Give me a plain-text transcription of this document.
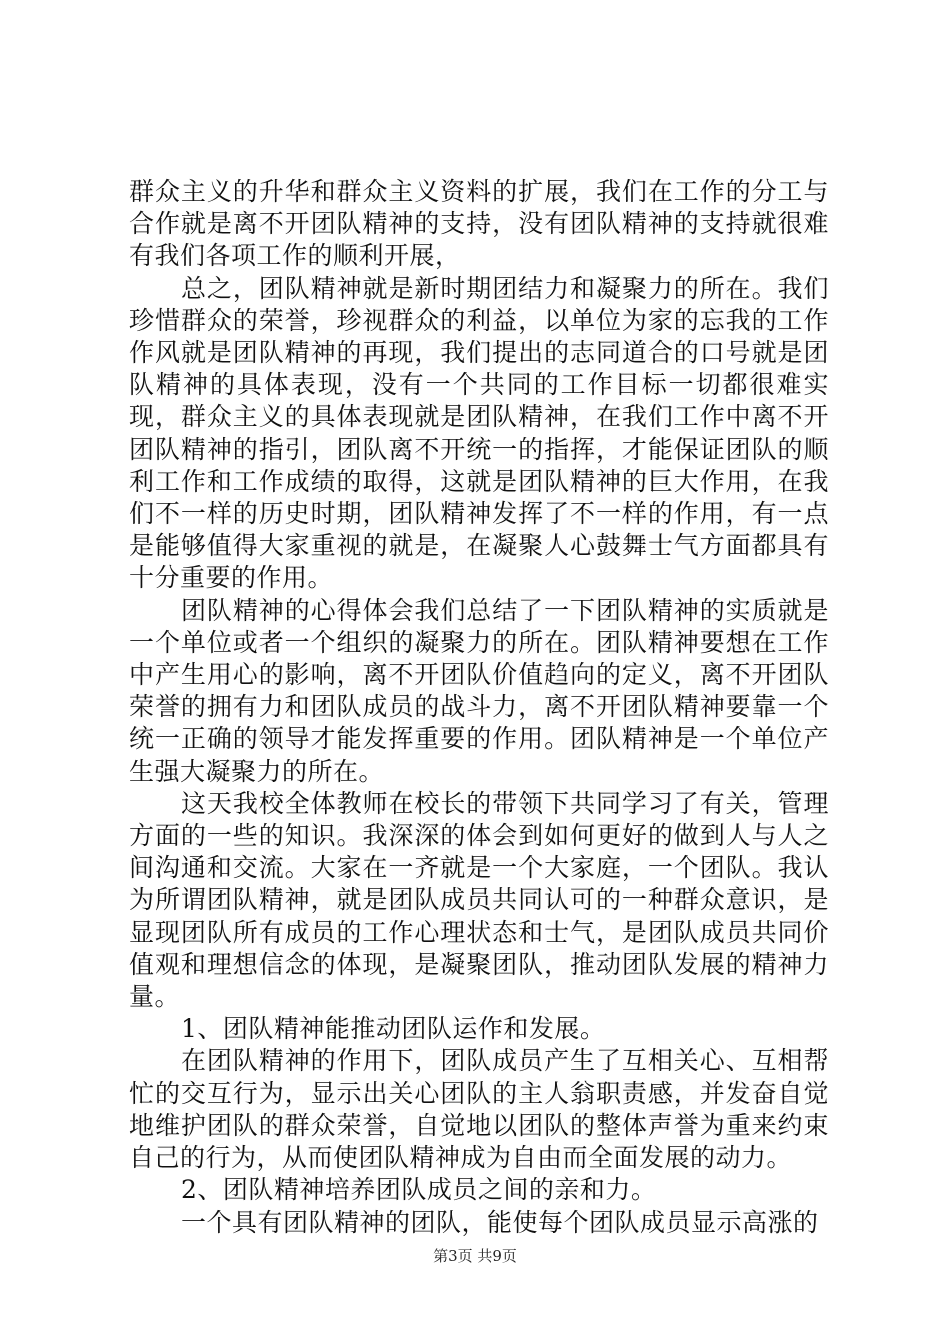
群众主义的升华和群众主义资料的扩展，我们在工作的分工与合作就是离不开团队精神的支持，没有团队精神的支持就很难有我们各项工作的顺利开展，

总之，团队精神就是新时期团结力和凝聚力的所在。我们珍惜群众的荣誉，珍视群众的利益，以单位为家的忘我的工作作风就是团队精神的再现，我们提出的志同道合的口号就是团队精神的具体表现，没有一个共同的工作目标一切都很难实现，群众主义的具体表现就是团队精神，在我们工作中离不开团队精神的指引，团队离不开统一的指挥，才能保证团队的顺利工作和工作成绩的取得，这就是团队精神的巨大作用，在我们不一样的历史时期，团队精神发挥了不一样的作用，有一点是能够值得大家重视的就是，在凝聚人心鼓舞士气方面都具有十分重要的作用。

团队精神的心得体会我们总结了一下团队精神的实质就是一个单位或者一个组织的凝聚力的所在。团队精神要想在工作中产生用心的影响，离不开团队价值趋向的定义，离不开团队荣誉的拥有力和团队成员的战斗力，离不开团队精神要靠一个统一正确的领导才能发挥重要的作用。团队精神是一个单位产生强大凝聚力的所在。

这天我校全体教师在校长的带领下共同学习了有关，管理方面的一些的知识。我深深的体会到如何更好的做到人与人之间沟通和交流。大家在一齐就是一个大家庭，一个团队。我认为所谓团队精神，就是团队成员共同认可的一种群众意识，是显现团队所有成员的工作心理状态和士气，是团队成员共同价值观和理想信念的体现，是凝聚团队，推动团队发展的精神力量。

1、团队精神能推动团队运作和发展。

在团队精神的作用下，团队成员产生了互相关心、互相帮忙的交互行为，显示出关心团队的主人翁职责感，并发奋自觉地维护团队的群众荣誉，自觉地以团队的整体声誉为重来约束自己的行为，从而使团队精神成为自由而全面发展的动力。

2、团队精神培养团队成员之间的亲和力。

一个具有团队精神的团队，能使每个团队成员显示高涨的

第3页 共9页
